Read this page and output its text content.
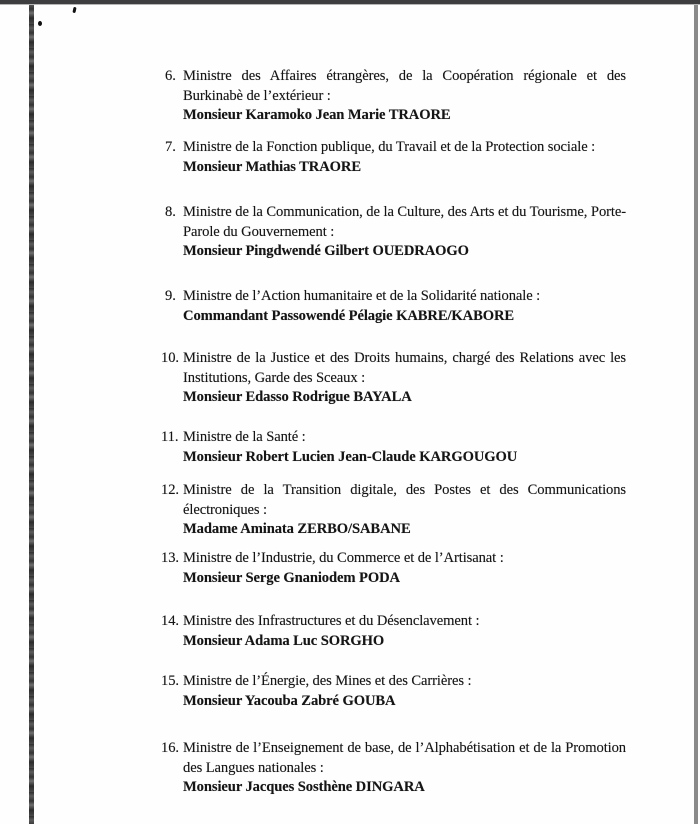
6. Ministre des Affaires étrangères, de la Coopération régionale et des Burkinabè de l’extérieur :
Monsieur Karamoko Jean Marie TRAORE
7. Ministre de la Fonction publique, du Travail et de la Protection sociale :
Monsieur Mathias TRAORE
8. Ministre de la Communication, de la Culture, des Arts et du Tourisme, Porte-Parole du Gouvernement :
Monsieur Pingdwendé Gilbert OUEDRAOGO
9. Ministre de l’Action humanitaire et de la Solidarité nationale :
Commandant Passowendé Pélagie KABRE/KABORE
10. Ministre de la Justice et des Droits humains, chargé des Relations avec les Institutions, Garde des Sceaux :
Monsieur Edasso Rodrigue BAYALA
11. Ministre de la Santé :
Monsieur Robert Lucien Jean-Claude KARGOUGOU
12. Ministre de la Transition digitale, des Postes et des Communications électroniques :
Madame Aminata ZERBO/SABANE
13. Ministre de l’Industrie, du Commerce et de l’Artisanat :
Monsieur Serge Gnaniodem PODA
14. Ministre des Infrastructures et du Désenclavement :
Monsieur Adama Luc SORGHO
15. Ministre de l’Énergie, des Mines et des Carrières :
Monsieur Yacouba Zabré GOUBA
16. Ministre de l’Enseignement de base, de l’Alphabétisation et de la Promotion des Langues nationales :
Monsieur Jacques Sosthène DINGARA
